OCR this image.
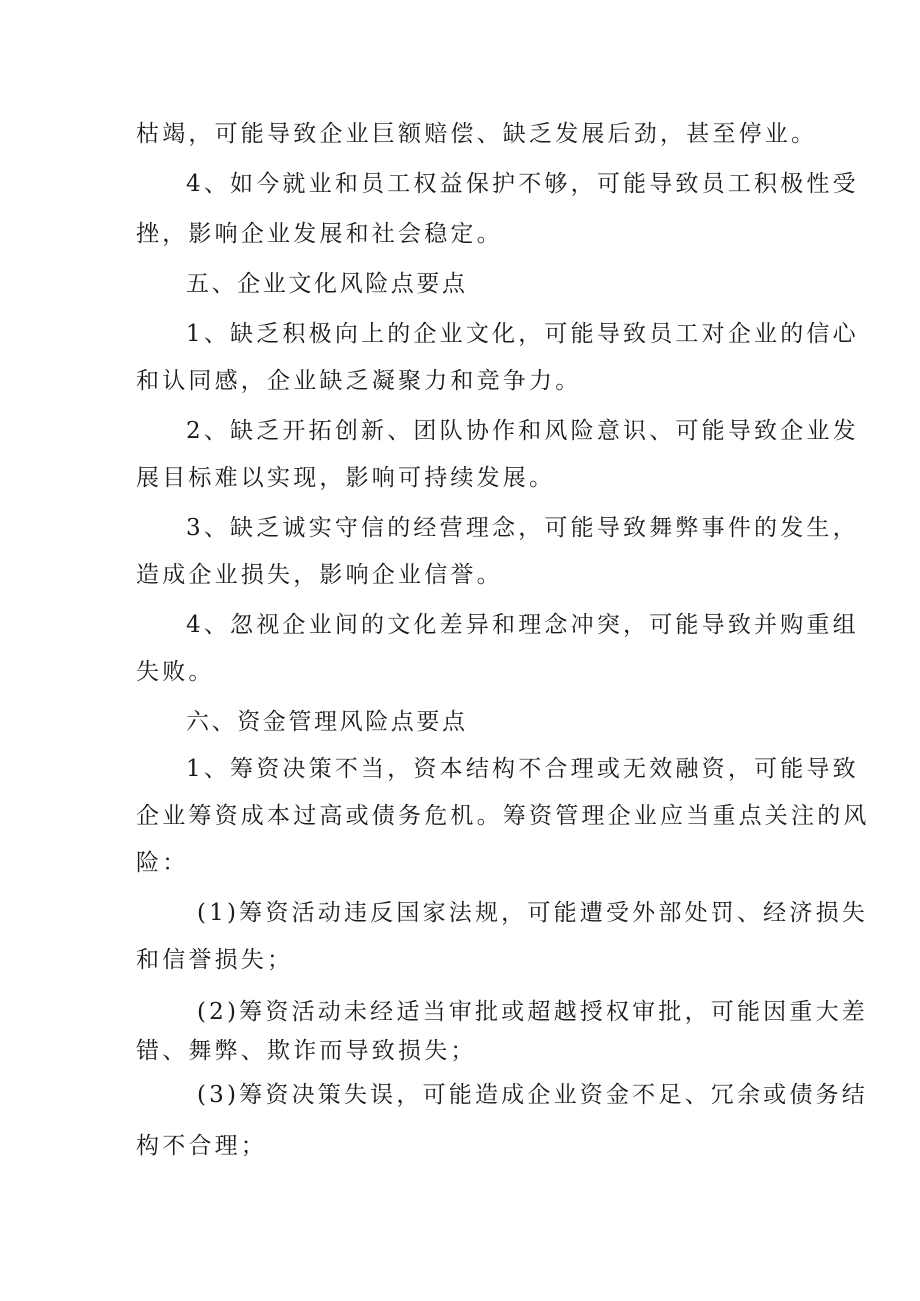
枯竭，可能导致企业巨额赔偿、缺乏发展后劲，甚至停业。
4、如今就业和员工权益保护不够，可能导致员工积极性受
挫，影响企业发展和社会稳定。
五、企业文化风险点要点
1、缺乏积极向上的企业文化，可能导致员工对企业的信心
和认同感，企业缺乏凝聚力和竞争力。
2、缺乏开拓创新、团队协作和风险意识、可能导致企业发
展目标难以实现，影响可持续发展。
3、缺乏诚实守信的经营理念，可能导致舞弊事件的发生，
造成企业损失，影响企业信誉。
4、忽视企业间的文化差异和理念冲突，可能导致并购重组
失败。
六、资金管理风险点要点
1、筹资决策不当，资本结构不合理或无效融资，可能导致
企业筹资成本过高或债务危机。筹资管理企业应当重点关注的风
险：
(1)筹资活动违反国家法规，可能遭受外部处罚、经济损失
和信誉损失；
(2)筹资活动未经适当审批或超越授权审批，可能因重大差
错、舞弊、欺诈而导致损失；
(3)筹资决策失误，可能造成企业资金不足、冗余或债务结
构不合理；
